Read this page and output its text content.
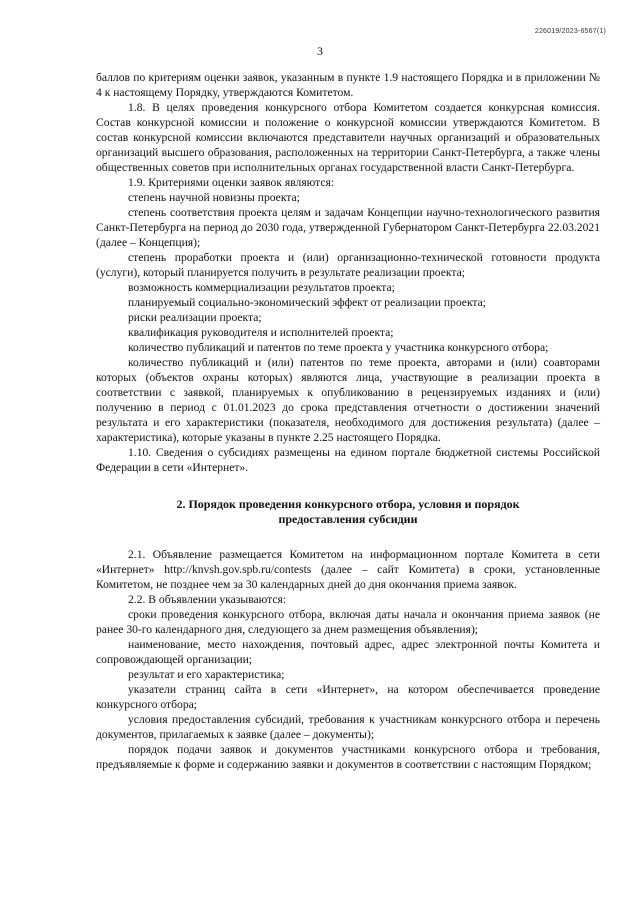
226019/2023-6567(1)
3

баллов по критериям оценки заявок, указанным в пункте 1.9 настоящего Порядка и в приложении № 4 к настоящему Порядку, утверждаются Комитетом.

1.8. В целях проведения конкурсного отбора Комитетом создается конкурсная комиссия. Состав конкурсной комиссии и положение о конкурсной комиссии утверждаются Комитетом. В состав конкурсной комиссии включаются представители научных организаций и образовательных организаций высшего образования, расположенных на территории Санкт-Петербурга, а также члены общественных советов при исполнительных органах государственной власти Санкт-Петербурга.

1.9. Критериями оценки заявок являются:

степень научной новизны проекта;

степень соответствия проекта целям и задачам Концепции научно-технологического развития Санкт-Петербурга на период до 2030 года, утвержденной Губернатором Санкт-Петербурга 22.03.2021 (далее – Концепция);

степень проработки проекта и (или) организационно-технической готовности продукта (услуги), который планируется получить в результате реализации проекта;

возможность коммерциализации результатов проекта;

планируемый социально-экономический эффект от реализации проекта;

риски реализации проекта;

квалификация руководителя и исполнителей проекта;

количество публикаций и патентов по теме проекта у участника конкурсного отбора;

количество публикаций и (или) патентов по теме проекта, авторами и (или) соавторами которых (объектов охраны которых) являются лица, участвующие в реализации проекта в соответствии с заявкой, планируемых к опубликованию в рецензируемых изданиях и (или) получению в период с 01.01.2023 до срока представления отчетности о достижении значений результата и его характеристики (показателя, необходимого для достижения результата) (далее – характеристика), которые указаны в пункте 2.25 настоящего Порядка.

1.10. Сведения о субсидиях размещены на едином портале бюджетной системы Российской Федерации в сети «Интернет».

2. Порядок проведения конкурсного отбора, условия и порядок
предоставления субсидии

2.1. Объявление размещается Комитетом на информационном портале Комитета в сети «Интернет» http://knvsh.gov.spb.ru/contests (далее – сайт Комитета) в сроки, установленные Комитетом, не позднее чем за 30 календарных дней до дня окончания приема заявок.

2.2. В объявлении указываются:

сроки проведения конкурсного отбора, включая даты начала и окончания приема заявок (не ранее 30-го календарного дня, следующего за днем размещения объявления);

наименование, место нахождения, почтовый адрес, адрес электронной почты Комитета и сопровождающей организации;

результат и его характеристика;

указатели страниц сайта в сети «Интернет», на котором обеспечивается проведение конкурсного отбора;

условия предоставления субсидий, требования к участникам конкурсного отбора и перечень документов, прилагаемых к заявке (далее – документы);

порядок подачи заявок и документов участниками конкурсного отбора и требования, предъявляемые к форме и содержанию заявки и документов в соответствии с настоящим Порядком;
